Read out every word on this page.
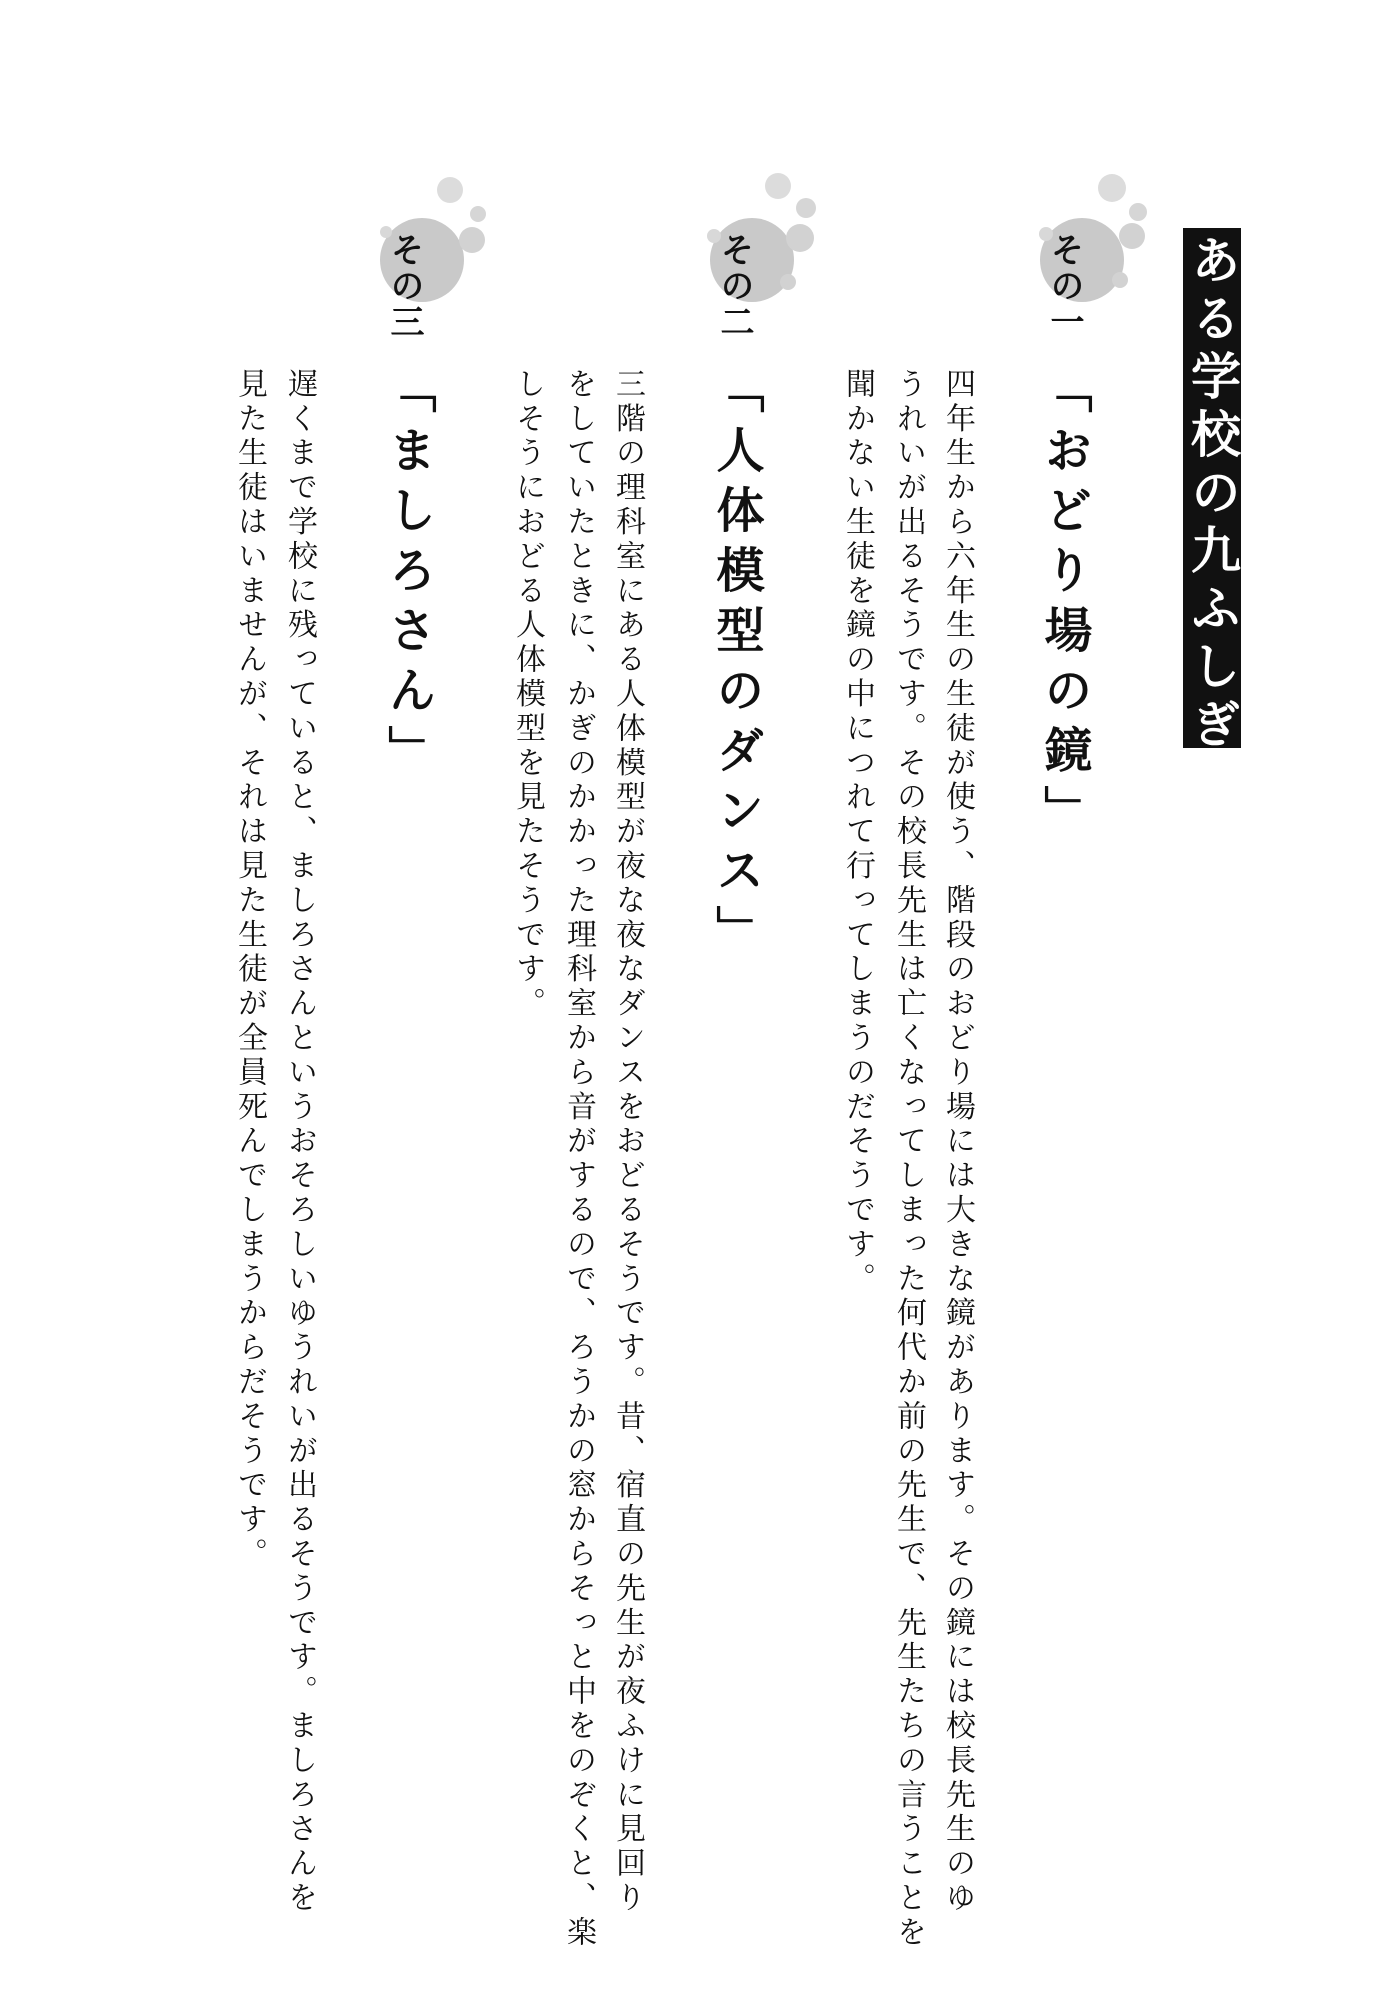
ある学校の九ふしぎ
その一
「おどり場の鏡」
四年生から六年生の生徒が使う、階段のおどり場には大きな鏡があります。その鏡には校長先生のゆ
うれいが出るそうです。その校長先生は亡くなってしまった何代か前の先生で、先生たちの言うことを
聞かない生徒を鏡の中につれて行ってしまうのだそうです。
その二
「人体模型のダンス」
三階の理科室にある人体模型が夜な夜なダンスをおどるそうです。昔、宿直の先生が夜ふけに見回り
をしていたときに、かぎのかかった理科室から音がするので、ろうかの窓からそっと中をのぞくと、楽
しそうにおどる人体模型を見たそうです。
その三
「ましろさん」
遅くまで学校に残っていると、ましろさんというおそろしいゆうれいが出るそうです。ましろさんを
見た生徒はいませんが、それは見た生徒が全員死んでしまうからだそうです。
